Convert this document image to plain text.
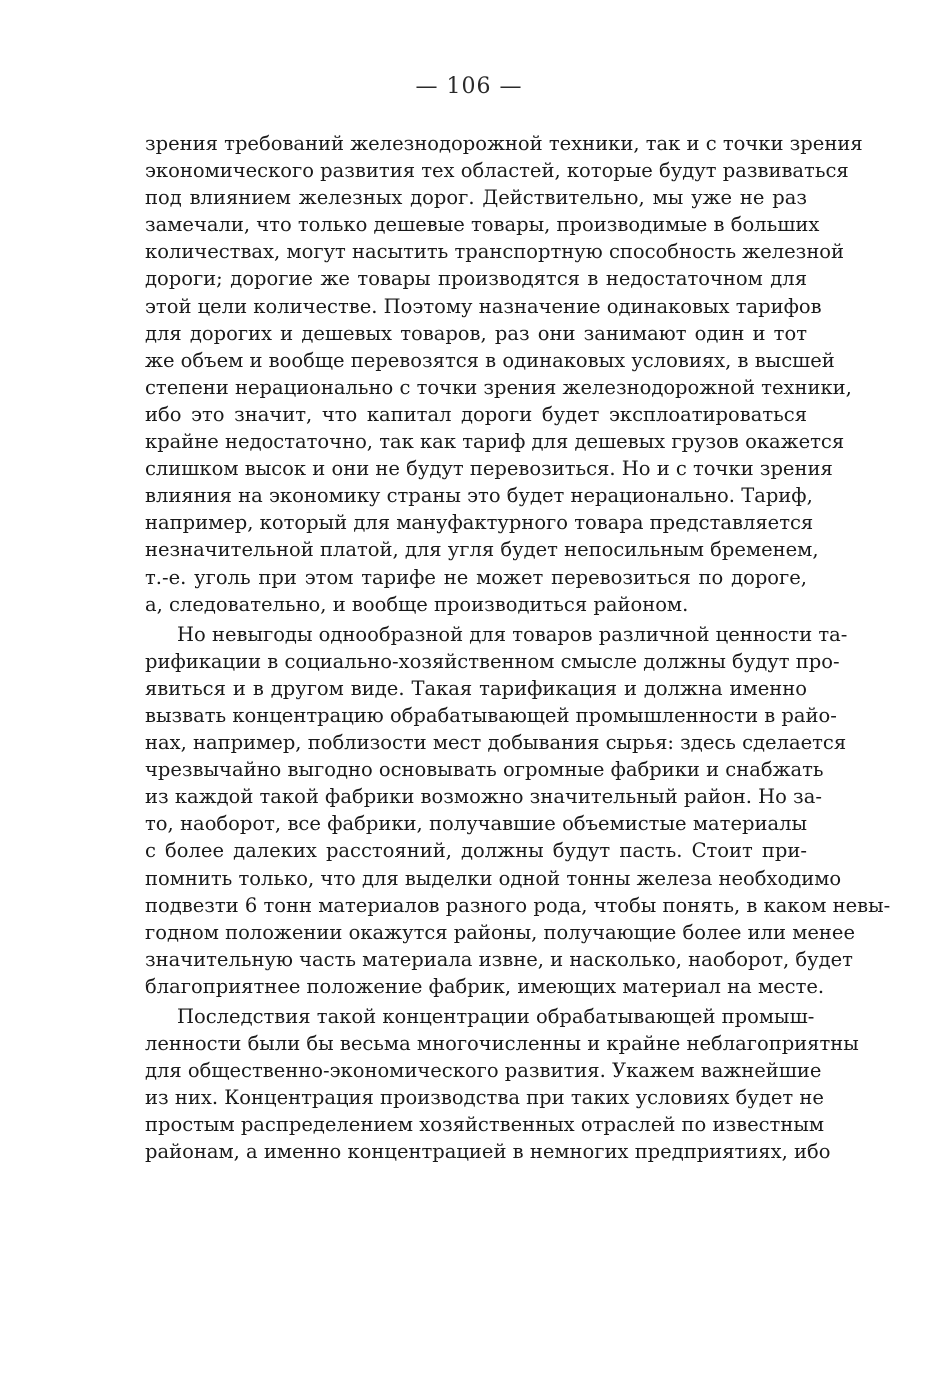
— 106 —
зрения требований железнодорожной техники, так и с точки зрения
экономического развития тех областей, которые будут развиваться
под влиянием железных дорог. Действительно, мы уже не раз
замечали, что только дешевые товары, производимые в больших
количествах, могут насытить транспортную способность железной
дороги; дорогие же товары производятся в недостаточном для
этой цели количестве. Поэтому назначение одинаковых тарифов
для дорогих и дешевых товаров, раз они занимают один и тот
же объем и вообще перевозятся в одинаковых условиях, в высшей
степени нерационально с точки зрения железнодорожной техники,
ибо это значит, что капитал дороги будет эксплоатироваться
крайне недостаточно, так как тариф для дешевых грузов окажется
слишком высок и они не будут перевозиться. Но и с точки зрения
влияния на экономику страны это будет нерационально. Тариф,
например, который для мануфактурного товара представляется
незначительной платой, для угля будет непосильным бременем,
т.-е. уголь при этом тарифе не может перевозиться по дороге,
а, следовательно, и вообще производиться районом.
Но невыгоды однообразной для товаров различной ценности та-
рификации в социально-хозяйственном смысле должны будут про-
явиться и в другом виде. Такая тарификация и должна именно
вызвать концентрацию обрабатывающей промышленности в райо-
нах, например, поблизости мест добывания сырья: здесь сделается
чрезвычайно выгодно основывать огромные фабрики и снабжать
из каждой такой фабрики возможно значительный район. Но за-
то, наоборот, все фабрики, получавшие объемистые материалы
с более далеких расстояний, должны будут пасть. Стоит при-
помнить только, что для выделки одной тонны железа необходимо
подвезти 6 тонн материалов разного рода, чтобы понять, в каком невы-
годном положении окажутся районы, получающие более или менее
значительную часть материала извне, и насколько, наоборот, будет
благоприятнее положение фабрик, имеющих материал на месте.
Последствия такой концентрации обрабатывающей промыш-
ленности были бы весьма многочисленны и крайне неблагоприятны
для общественно-экономического развития. Укажем важнейшие
из них. Концентрация производства при таких условиях будет не
простым распределением хозяйственных отраслей по известным
районам, а именно концентрацией в немногих предприятиях, ибо
